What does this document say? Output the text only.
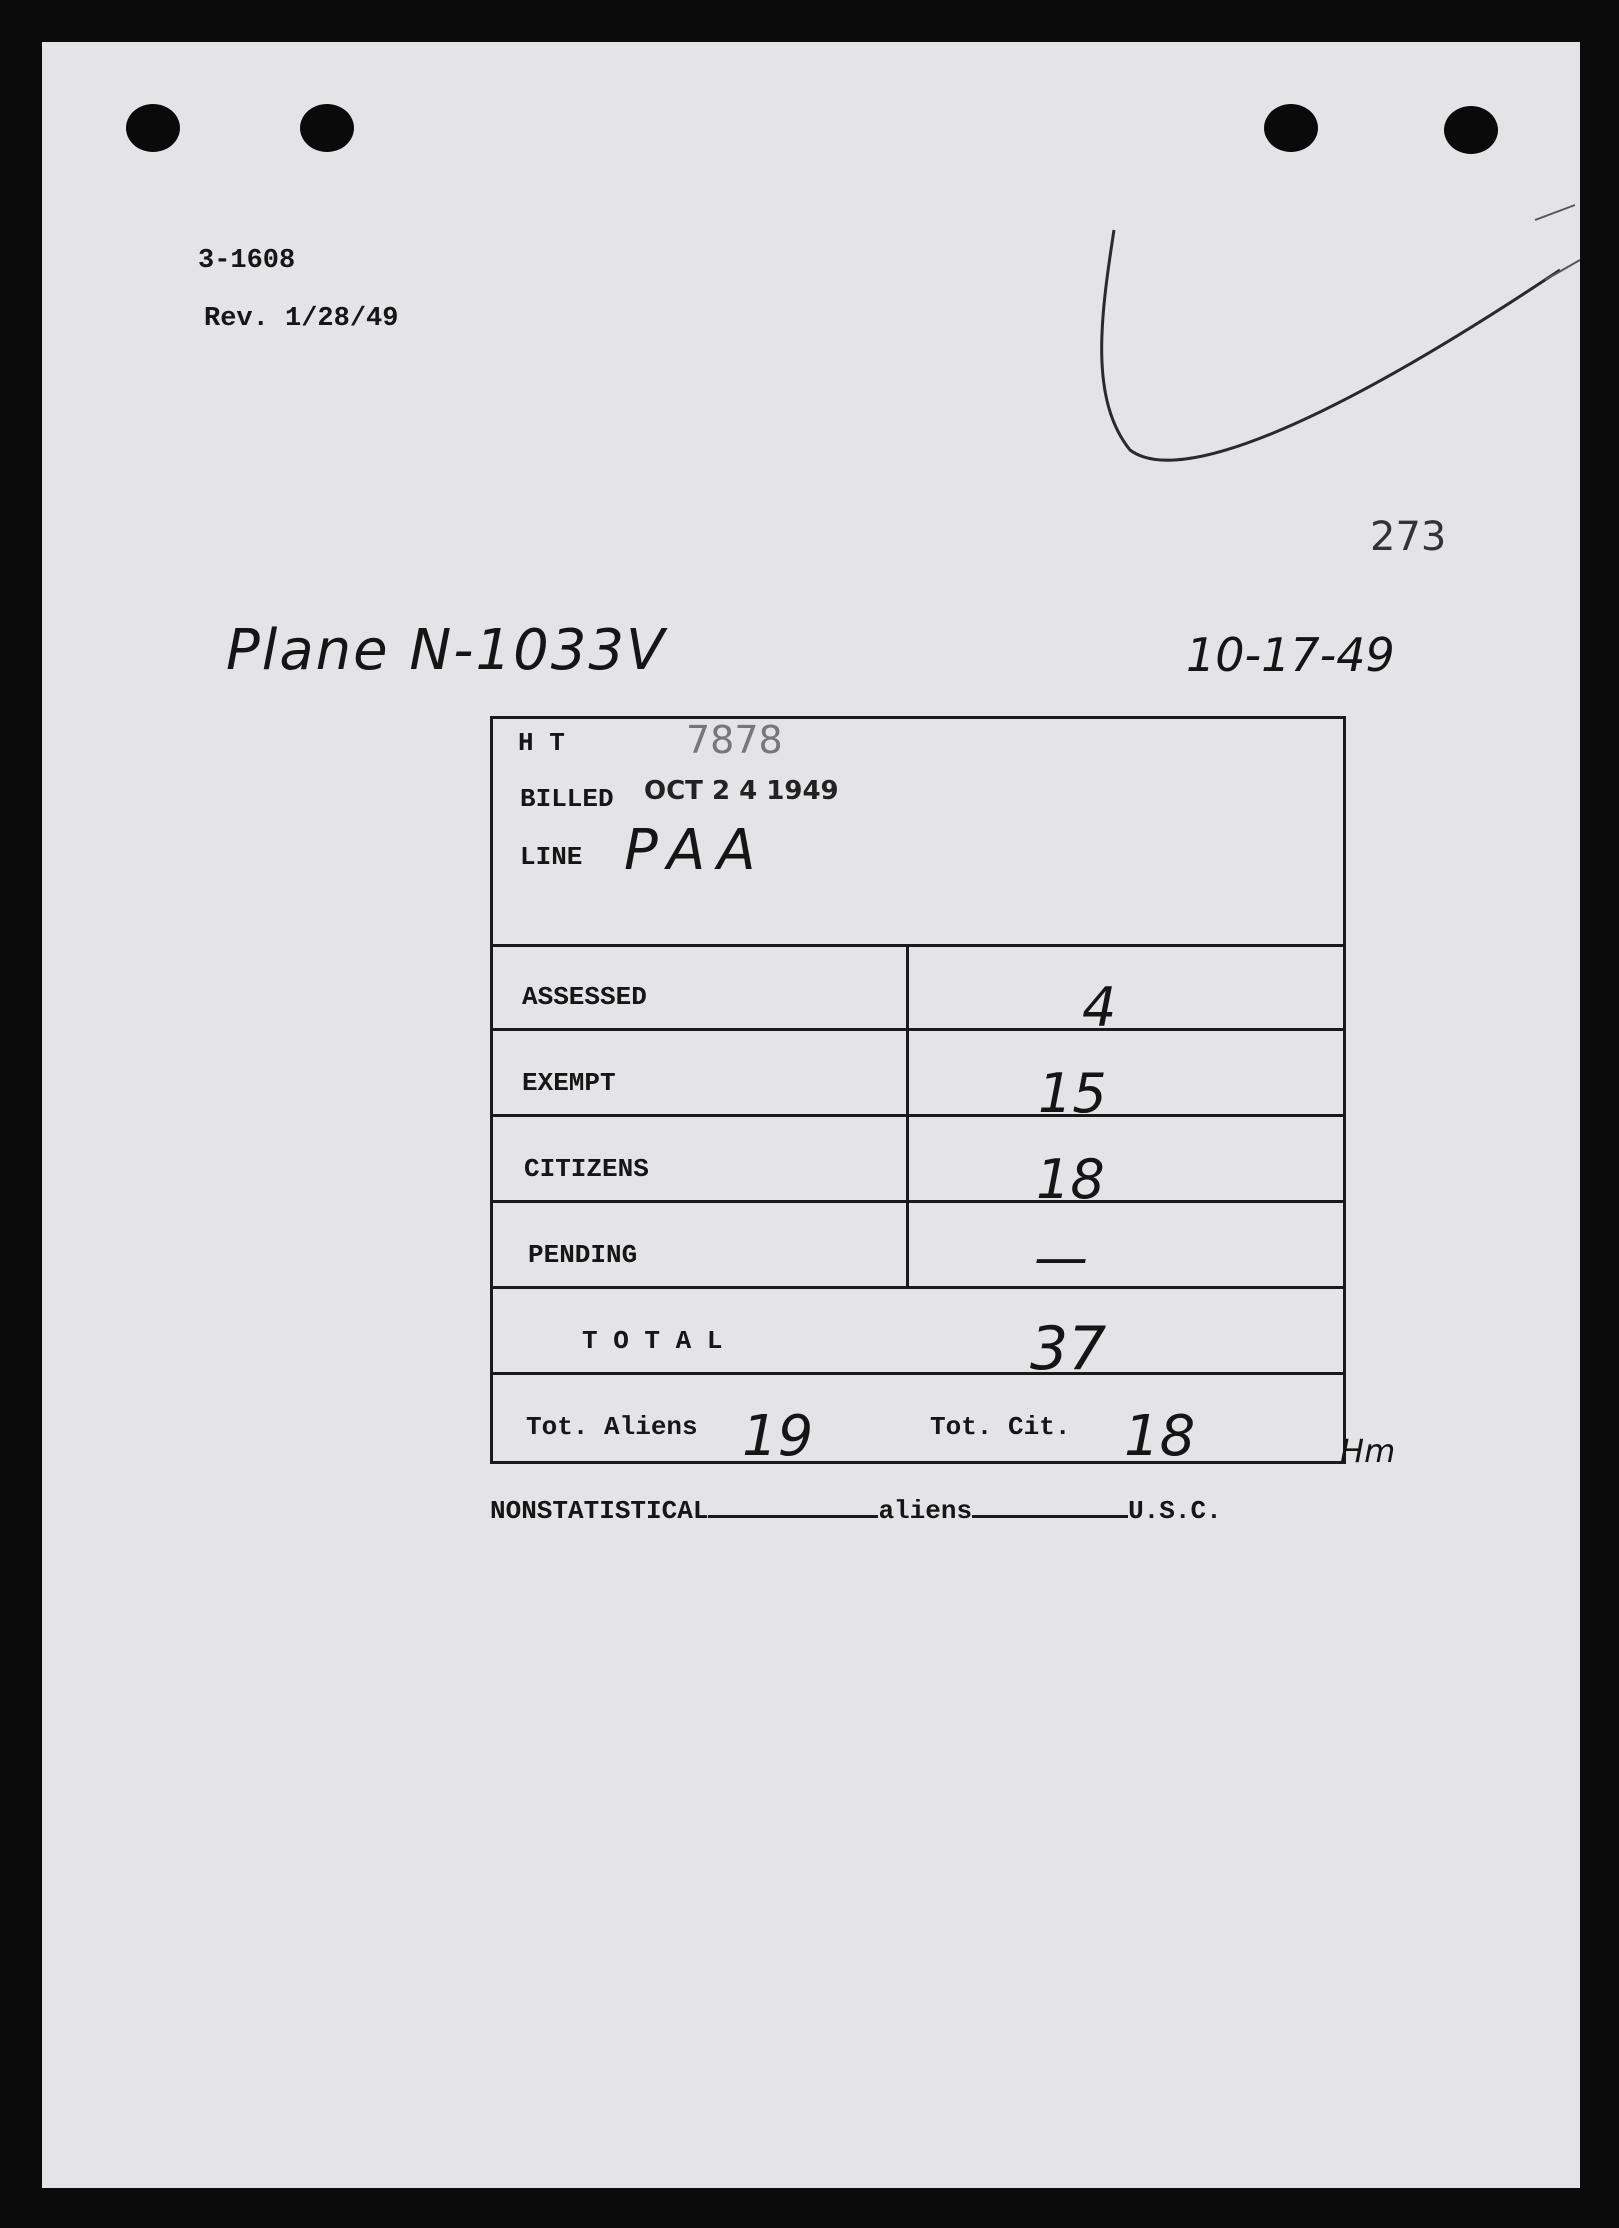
3-1608
Rev. 1/28/49
273
Plane N-1033V	10-17-49
H T	7878
BILLED OCT 2 4 1949
LINE PAA
ASSESSED	4
EXEMPT	15
CITIZENS	18
PENDING	—
T O T A L	37
Tot. Aliens 19	Tot. Cit. 18	Hm
NONSTATISTICAL	aliens	U.S.C.
